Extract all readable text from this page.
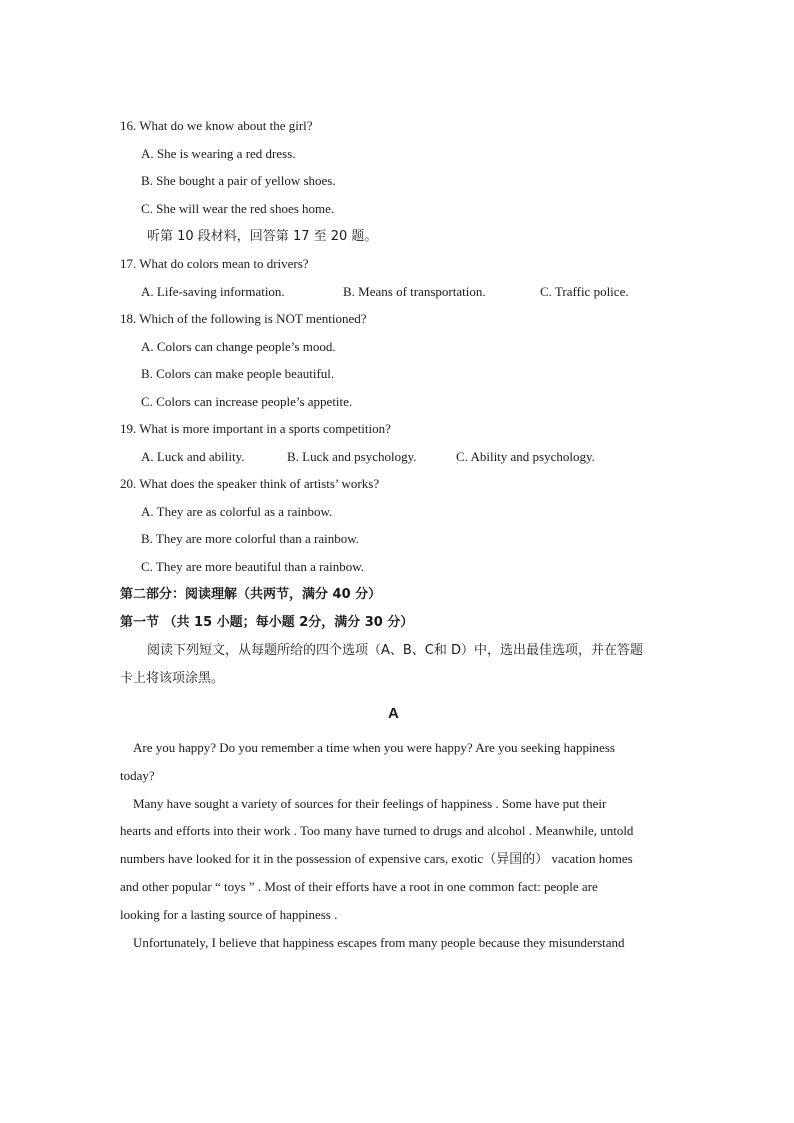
16. What do we know about the girl?
A. She is wearing a red dress.
B. She bought a pair of yellow shoes.
C. She will wear the red shoes home.
听第 10 段材料，回答第 17 至 20 题。
17. What do colors mean to drivers?
A. Life-saving information.	B. Means of transportation.	C. Traffic police.
18. Which of the following is NOT mentioned?
A. Colors can change people’s mood.
B. Colors can make people beautiful.
C. Colors can increase people’s appetite.
19. What is more important in a sports competition?
A. Luck and ability.	B. Luck and psychology.	C. Ability and psychology.
20. What does the speaker think of artists’ works?
A. They are as colorful as a rainbow.
B. They are more colorful than a rainbow.
C. They are more beautiful than a rainbow.
第二部分：阅读理解（共两节，满分 40 分）
第一节 （共 15 小题；每小题 2分，满分 30 分）
阅读下列短文，从每题所给的四个选项（A、B、C和 D）中，选出最佳选项，并在答题
卡上将该项涂黑。
A
Are you happy? Do you remember a time when you were happy? Are you seeking happiness
today?
Many have sought a variety of sources for their feelings of happiness . Some have put their
hearts and efforts into their work . Too many have turned to drugs and alcohol . Meanwhile, untold
numbers have looked for it in the possession of expensive cars, exotic（异国的） vacation homes
and other popular “ toys ” . Most of their efforts have a root in one common fact: people are
looking for a lasting source of happiness .
Unfortunately, I believe that happiness escapes from many people because they misunderstand
